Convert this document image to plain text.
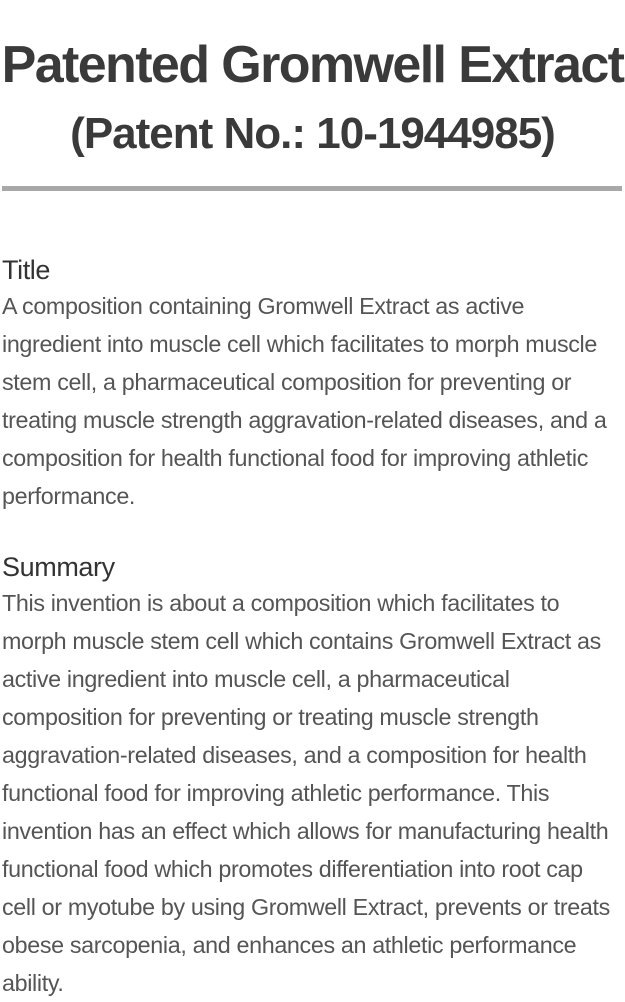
Patented Gromwell Extract
(Patent No.: 10-1944985)
Title

A composition containing Gromwell Extract as active ingredient into muscle cell which facilitates to morph muscle stem cell, a pharmaceutical composition for preventing or treating muscle strength aggravation-related diseases, and a composition for health functional food for improving athletic performance.

Summary

This invention is about a composition which facilitates to morph muscle stem cell which contains Gromwell Extract as active ingredient into muscle cell, a pharmaceutical composition for preventing or treating muscle strength aggravation-related diseases, and a composition for health functional food for improving athletic performance. This invention has an effect which allows for manufacturing health functional food which promotes differentiation into root cap cell or myotube by using Gromwell Extract, prevents or treats obese sarcopenia, and enhances an athletic performance ability.
